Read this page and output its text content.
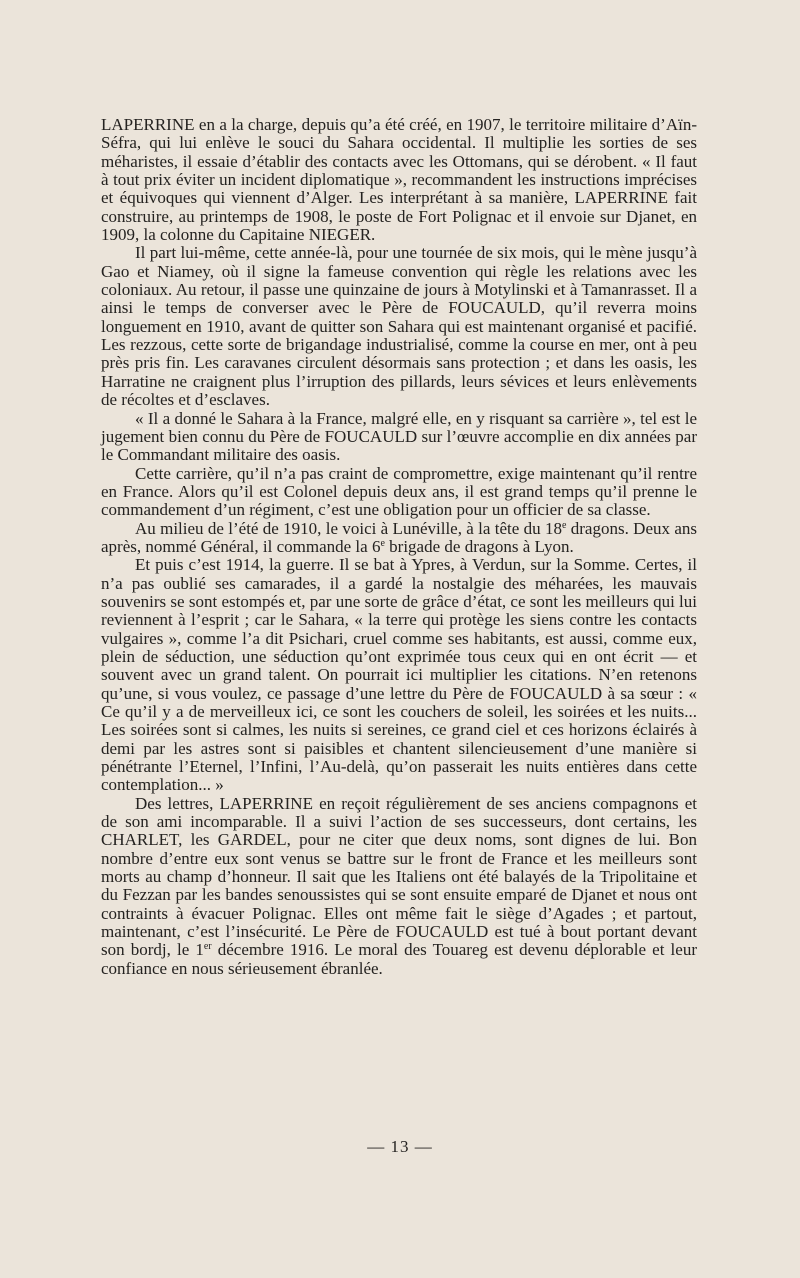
LAPERRINE en a la charge, depuis qu’a été créé, en 1907, le territoire militaire d’Aïn-Séfra, qui lui enlève le souci du Sahara occidental. Il multiplie les sorties de ses méharistes, il essaie d’établir des contacts avec les Ottomans, qui se dérobent. « Il faut à tout prix éviter un incident diplomatique », recommandent les instructions imprécises et équivoques qui viennent d’Alger. Les interprétant à sa manière, LAPERRINE fait construire, au printemps de 1908, le poste de Fort Polignac et il envoie sur Djanet, en 1909, la colonne du Capitaine NIEGER.

Il part lui-même, cette année-là, pour une tournée de six mois, qui le mène jusqu’à Gao et Niamey, où il signe la fameuse convention qui règle les relations avec les coloniaux. Au retour, il passe une quinzaine de jours à Motylinski et à Tamanrasset. Il a ainsi le temps de converser avec le Père de FOUCAULD, qu’il reverra moins longuement en 1910, avant de quitter son Sahara qui est maintenant organisé et pacifié. Les rezzous, cette sorte de brigandage industrialisé, comme la course en mer, ont à peu près pris fin. Les caravanes circulent désormais sans protection ; et dans les oasis, les Harratine ne craignent plus l’irruption des pillards, leurs sévices et leurs enlèvements de récoltes et d’esclaves.

« Il a donné le Sahara à la France, malgré elle, en y risquant sa carrière », tel est le jugement bien connu du Père de FOUCAULD sur l’œuvre accomplie en dix années par le Commandant militaire des oasis.

Cette carrière, qu’il n’a pas craint de compromettre, exige maintenant qu’il rentre en France. Alors qu’il est Colonel depuis deux ans, il est grand temps qu’il prenne le commandement d’un régiment, c’est une obligation pour un officier de sa classe.

Au milieu de l’été de 1910, le voici à Lunéville, à la tête du 18e dragons. Deux ans après, nommé Général, il commande la 6e brigade de dragons à Lyon.

Et puis c’est 1914, la guerre. Il se bat à Ypres, à Verdun, sur la Somme. Certes, il n’a pas oublié ses camarades, il a gardé la nostalgie des méharées, les mauvais souvenirs se sont estompés et, par une sorte de grâce d’état, ce sont les meilleurs qui lui reviennent à l’esprit ; car le Sahara, « la terre qui protège les siens contre les contacts vulgaires », comme l’a dit Psichari, cruel comme ses habitants, est aussi, comme eux, plein de séduction, une séduction qu’ont exprimée tous ceux qui en ont écrit — et souvent avec un grand talent. On pourrait ici multiplier les citations. N’en retenons qu’une, si vous voulez, ce passage d’une lettre du Père de FOUCAULD à sa sœur : « Ce qu’il y a de merveilleux ici, ce sont les couchers de soleil, les soirées et les nuits... Les soirées sont si calmes, les nuits si sereines, ce grand ciel et ces horizons éclairés à demi par les astres sont si paisibles et chantent silencieusement d’une manière si pénétrante l’Eternel, l’Infini, l’Au-delà, qu’on passerait les nuits entières dans cette contemplation... »

Des lettres, LAPERRINE en reçoit régulièrement de ses anciens compagnons et de son ami incomparable. Il a suivi l’action de ses successeurs, dont certains, les CHARLET, les GARDEL, pour ne citer que deux noms, sont dignes de lui. Bon nombre d’entre eux sont venus se battre sur le front de France et les meilleurs sont morts au champ d’honneur. Il sait que les Italiens ont été balayés de la Tripolitaine et du Fezzan par les bandes senoussistes qui se sont ensuite emparé de Djanet et nous ont contraints à évacuer Polignac. Elles ont même fait le siège d’Agades ; et partout, maintenant, c’est l’insécurité. Le Père de FOUCAULD est tué à bout portant devant son bordj, le 1er décembre 1916. Le moral des Touareg est devenu déplorable et leur confiance en nous sérieusement ébranlée.

— 13 —
